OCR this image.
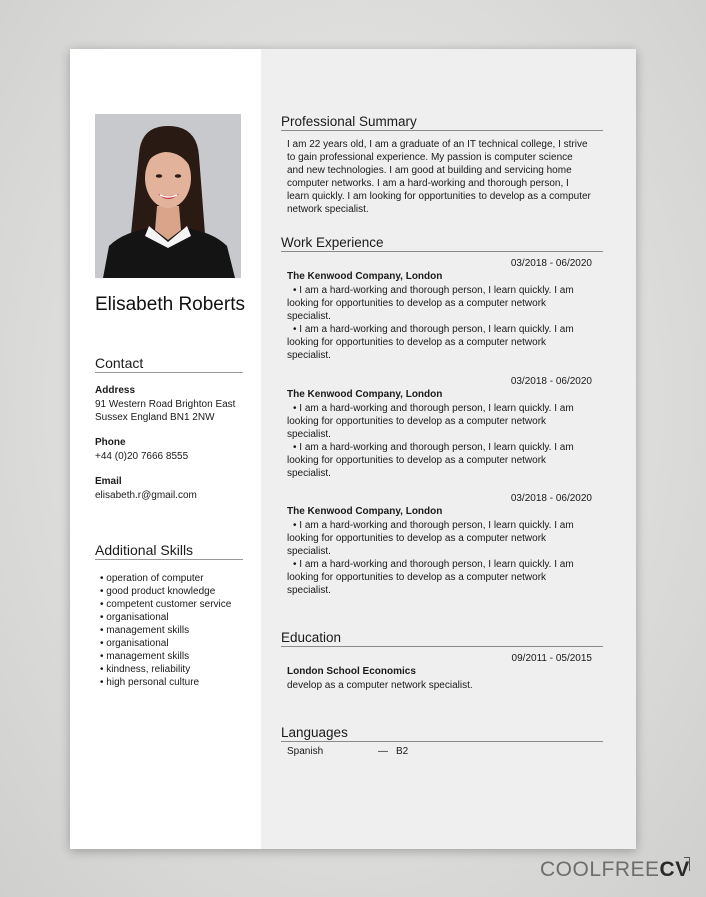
Elisabeth Roberts
Contact
Address
91 Western Road Brighton East
Sussex England BN1 2NW
Phone
+44 (0)20 7666 8555
Email
elisabeth.r@gmail.com
Additional Skills
• operation of computer
• good product knowledge
• competent customer service
• organisational
• management skills
• organisational
• management skills
• kindness, reliability
• high personal culture
Professional Summary
I am 22 years old, I am a graduate of an IT technical college, I strive
to gain professional experience. My passion is computer science
and new technologies. I am good at building and servicing home
computer networks. I am a hard-working and thorough person, I
learn quickly. I am looking for opportunities to develop as a computer
network specialist.
Work Experience
03/2018 - 06/2020
The Kenwood Company, London
• I am a hard-working and thorough person, I learn quickly. I am
looking for opportunities to develop as a computer network
specialist.
• I am a hard-working and thorough person, I learn quickly. I am
looking for opportunities to develop as a computer network
specialist.
03/2018 - 06/2020
The Kenwood Company, London
• I am a hard-working and thorough person, I learn quickly. I am
looking for opportunities to develop as a computer network
specialist.
• I am a hard-working and thorough person, I learn quickly. I am
looking for opportunities to develop as a computer network
specialist.
03/2018 - 06/2020
The Kenwood Company, London
• I am a hard-working and thorough person, I learn quickly. I am
looking for opportunities to develop as a computer network
specialist.
• I am a hard-working and thorough person, I learn quickly. I am
looking for opportunities to develop as a computer network
specialist.
Education
09/2011 - 05/2015
London School Economics
develop as a computer network specialist.
Languages
Spanish	— B2
COOLFREECV
